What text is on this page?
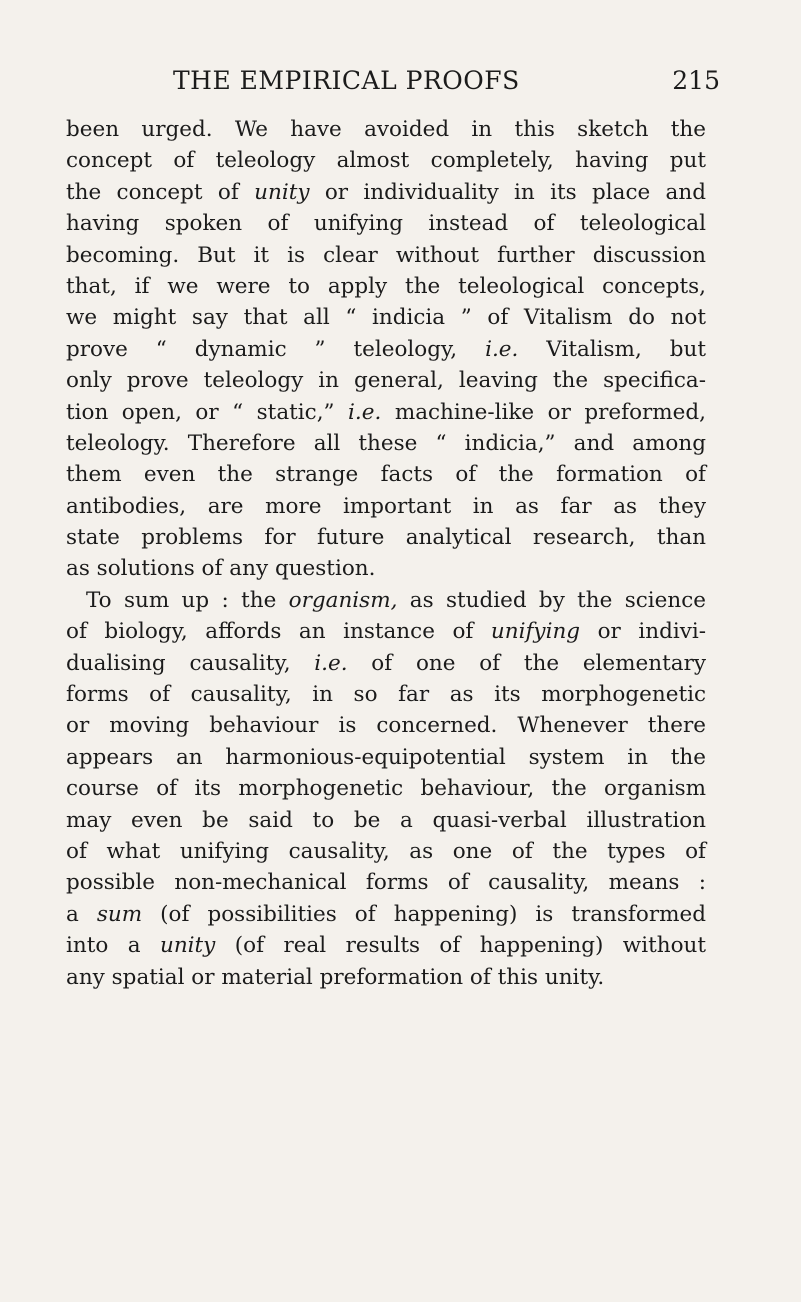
THE EMPIRICAL PROOFS	215
been urged. We have avoided in this sketch the
concept of teleology almost completely, having put
the concept of unity or individuality in its place and
having spoken of unifying instead of teleological
becoming. But it is clear without further discussion
that, if we were to apply the teleological concepts,
we might say that all “ indicia ” of Vitalism do not
prove “ dynamic ” teleology, i.e. Vitalism, but
only prove teleology in general, leaving the specifica-
tion open, or “ static,” i.e. machine-like or preformed,
teleology. Therefore all these “ indicia,” and among
them even the strange facts of the formation of
antibodies, are more important in as far as they
state problems for future analytical research, than
as solutions of any question.
To sum up : the organism, as studied by the science
of biology, affords an instance of unifying or indivi-
dualising causality, i.e. of one of the elementary
forms of causality, in so far as its morphogenetic
or moving behaviour is concerned. Whenever there
appears an harmonious-equipotential system in the
course of its morphogenetic behaviour, the organism
may even be said to be a quasi-verbal illustration
of what unifying causality, as one of the types of
possible non-mechanical forms of causality, means :
a sum (of possibilities of happening) is transformed
into a unity (of real results of happening) without
any spatial or material preformation of this unity.
